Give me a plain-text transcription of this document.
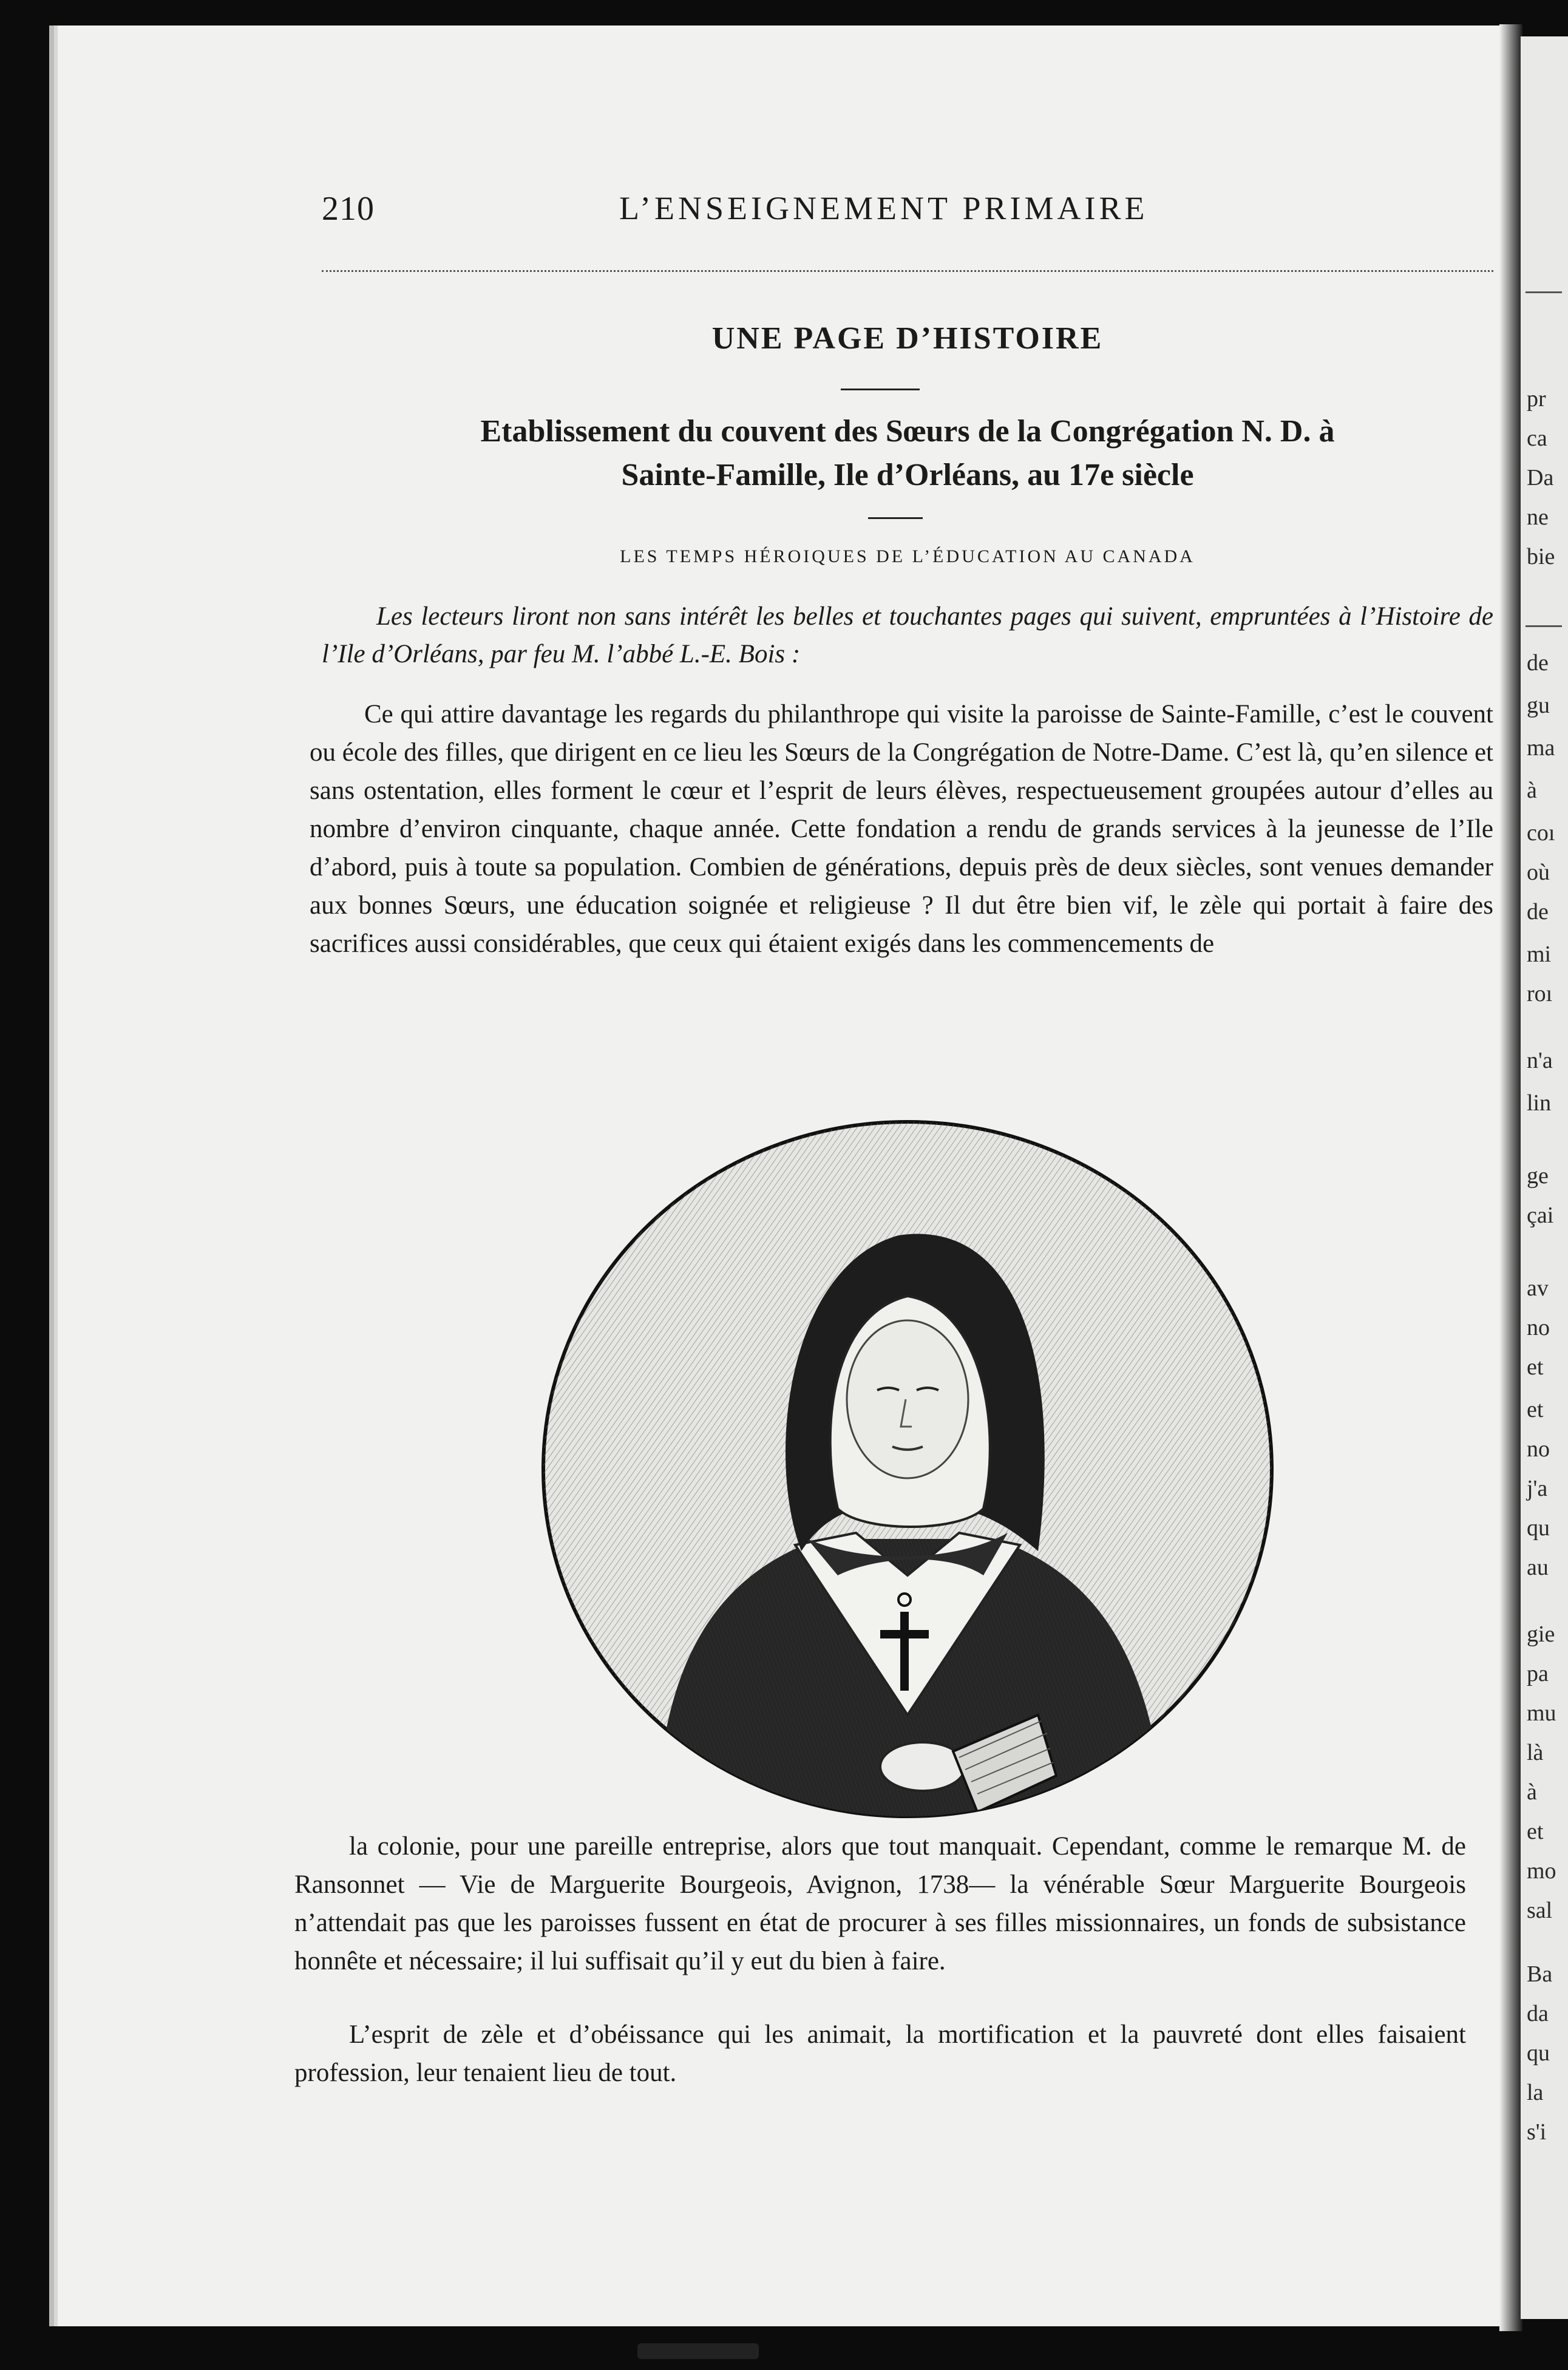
pr
ca
Da
ne
bie
de
gu
ma
à
coı
où
de
mi
roı
n'a
lin
ge
çai
av
no
et
et
no
j'a
qu
au
gie
pa
mu
là
à
et
mo
sal
Ba
da
qu
la
s'i
210	L’ENSEIGNEMENT PRIMAIRE
UNE PAGE D’HISTOIRE
Etablissement du couvent des Sœurs de la Congrégation N. D. à
Sainte-Famille, Ile d’Orléans, au 17e siècle
LES TEMPS HÉROIQUES DE L’ÉDUCATION AU CANADA
Les lecteurs liront non sans intérêt les belles et touchantes pages qui suivent, empruntées à l’Histoire de l’Ile d’Orléans, par feu M. l’abbé L.-E. Bois :
Ce qui attire davantage les regards du philanthrope qui visite la paroisse de Sainte-Famille, c’est le couvent ou école des filles, que dirigent en ce lieu les Sœurs de la Congrégation de Notre-Dame. C’est là, qu’en silence et sans ostentation, elles forment le cœur et l’esprit de leurs élèves, respectueusement groupées autour d’elles au nombre d’environ cinquante, chaque année. Cette fondation a rendu de grands services à la jeunesse de l’Ile d’abord, puis à toute sa population. Combien de générations, depuis près de deux siècles, sont venues demander aux bonnes Sœurs, une éducation soignée et religieuse ? Il dut être bien vif, le zèle qui portait à faire des sacrifices aussi considérables, que ceux qui étaient exigés dans les commencements de
la colonie, pour une pareille entreprise, alors que tout manquait. Cependant, comme le remarque M. de Ransonnet — Vie de Marguerite Bourgeois, Avignon, 1738— la vénérable Sœur Marguerite Bourgeois n’attendait pas que les paroisses fussent en état de procurer à ses filles missionnaires, un fonds de subsistance honnête et nécessaire; il lui suffisait qu’il y eut du bien à faire.
L’esprit de zèle et d’obéissance qui les animait, la mortification et la pauvreté dont elles faisaient profession, leur tenaient lieu de tout.
